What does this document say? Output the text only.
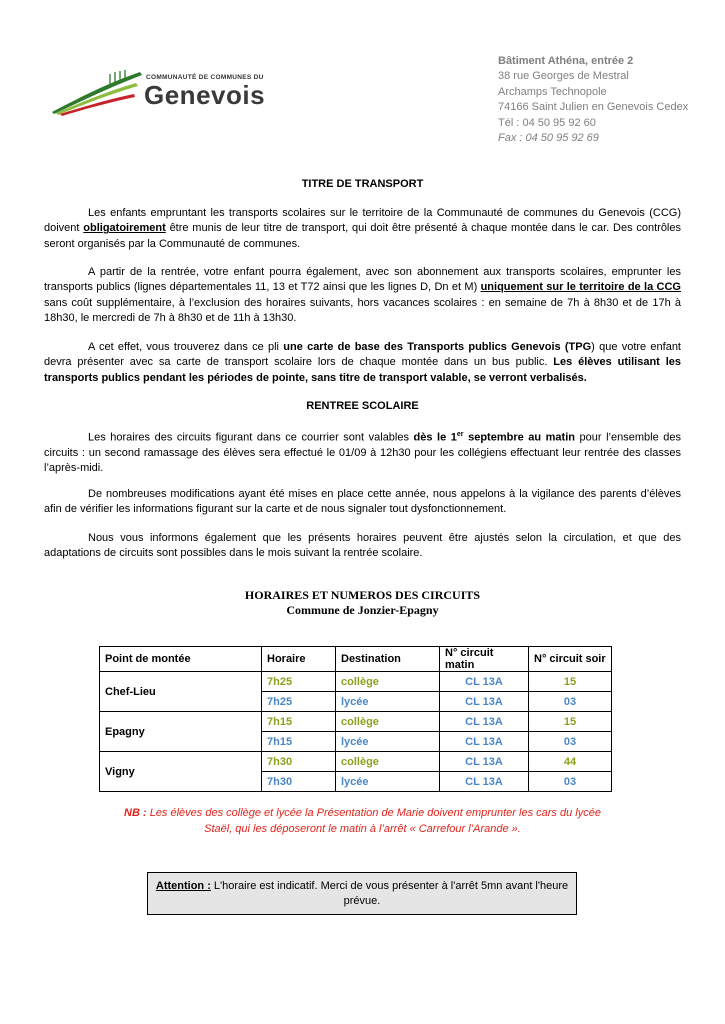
COMMUNAUTÉ DE COMMUNES DU
Genevois
Bâtiment Athéna, entrée 2
38 rue Georges de Mestral
Archamps Technopole
74166 Saint Julien en Genevois Cedex
Tél : 04 50 95 92 60
Fax : 04 50 95 92 69
TITRE DE TRANSPORT
Les enfants empruntant les transports scolaires sur le territoire de la Communauté de communes du Genevois (CCG) doivent obligatoirement être munis de leur titre de transport, qui doit être présenté à chaque montée dans le car. Des contrôles seront organisés par la Communauté de communes.
A partir de la rentrée, votre enfant pourra également, avec son abonnement aux transports scolaires, emprunter les transports publics (lignes départementales 11, 13 et T72 ainsi que les lignes D, Dn et M) uniquement sur le territoire de la CCG sans coût supplémentaire, à l’exclusion des horaires suivants, hors vacances scolaires : en semaine de 7h à 8h30 et de 17h à 18h30, le mercredi de 7h à 8h30 et de 11h à 13h30.
A cet effet, vous trouverez dans ce pli une carte de base des Transports publics Genevois (TPG) que votre enfant devra présenter avec sa carte de transport scolaire lors de chaque montée dans un bus public. Les élèves utilisant les transports publics pendant les périodes de pointe, sans titre de transport valable, se verront verbalisés.
RENTREE SCOLAIRE
Les horaires des circuits figurant dans ce courrier sont valables dès le 1er septembre au matin pour l’ensemble des circuits : un second ramassage des élèves sera effectué le 01/09 à 12h30 pour les collégiens effectuant leur rentrée des classes l’après-midi.
De nombreuses modifications ayant été mises en place cette année, nous appelons à la vigilance des parents d’élèves afin de vérifier les informations figurant sur la carte et de nous signaler tout dysfonctionnement.
Nous vous informons également que les présents horaires peuvent être ajustés selon la circulation, et que des adaptations de circuits sont possibles dans le mois suivant la rentrée scolaire.
HORAIRES ET NUMEROS DES CIRCUITS
Commune de Jonzier-Epagny
Point de montée	Horaire	Destination	N° circuit matin	N° circuit soir
Chef-Lieu	7h25	collège	CL 13A	15
	7h25	lycée	CL 13A	03
Epagny	7h15	collège	CL 13A	15
	7h15	lycée	CL 13A	03
Vigny	7h30	collège	CL 13A	44
	7h30	lycée	CL 13A	03
NB : Les élèves des collège et lycée la Présentation de Marie doivent emprunter les cars du lycée
Staël, qui les déposeront le matin à l’arrêt « Carrefour l’Arande ».
Attention : L'horaire est indicatif. Merci de vous présenter à l'arrêt 5mn avant l'heure prévue.
